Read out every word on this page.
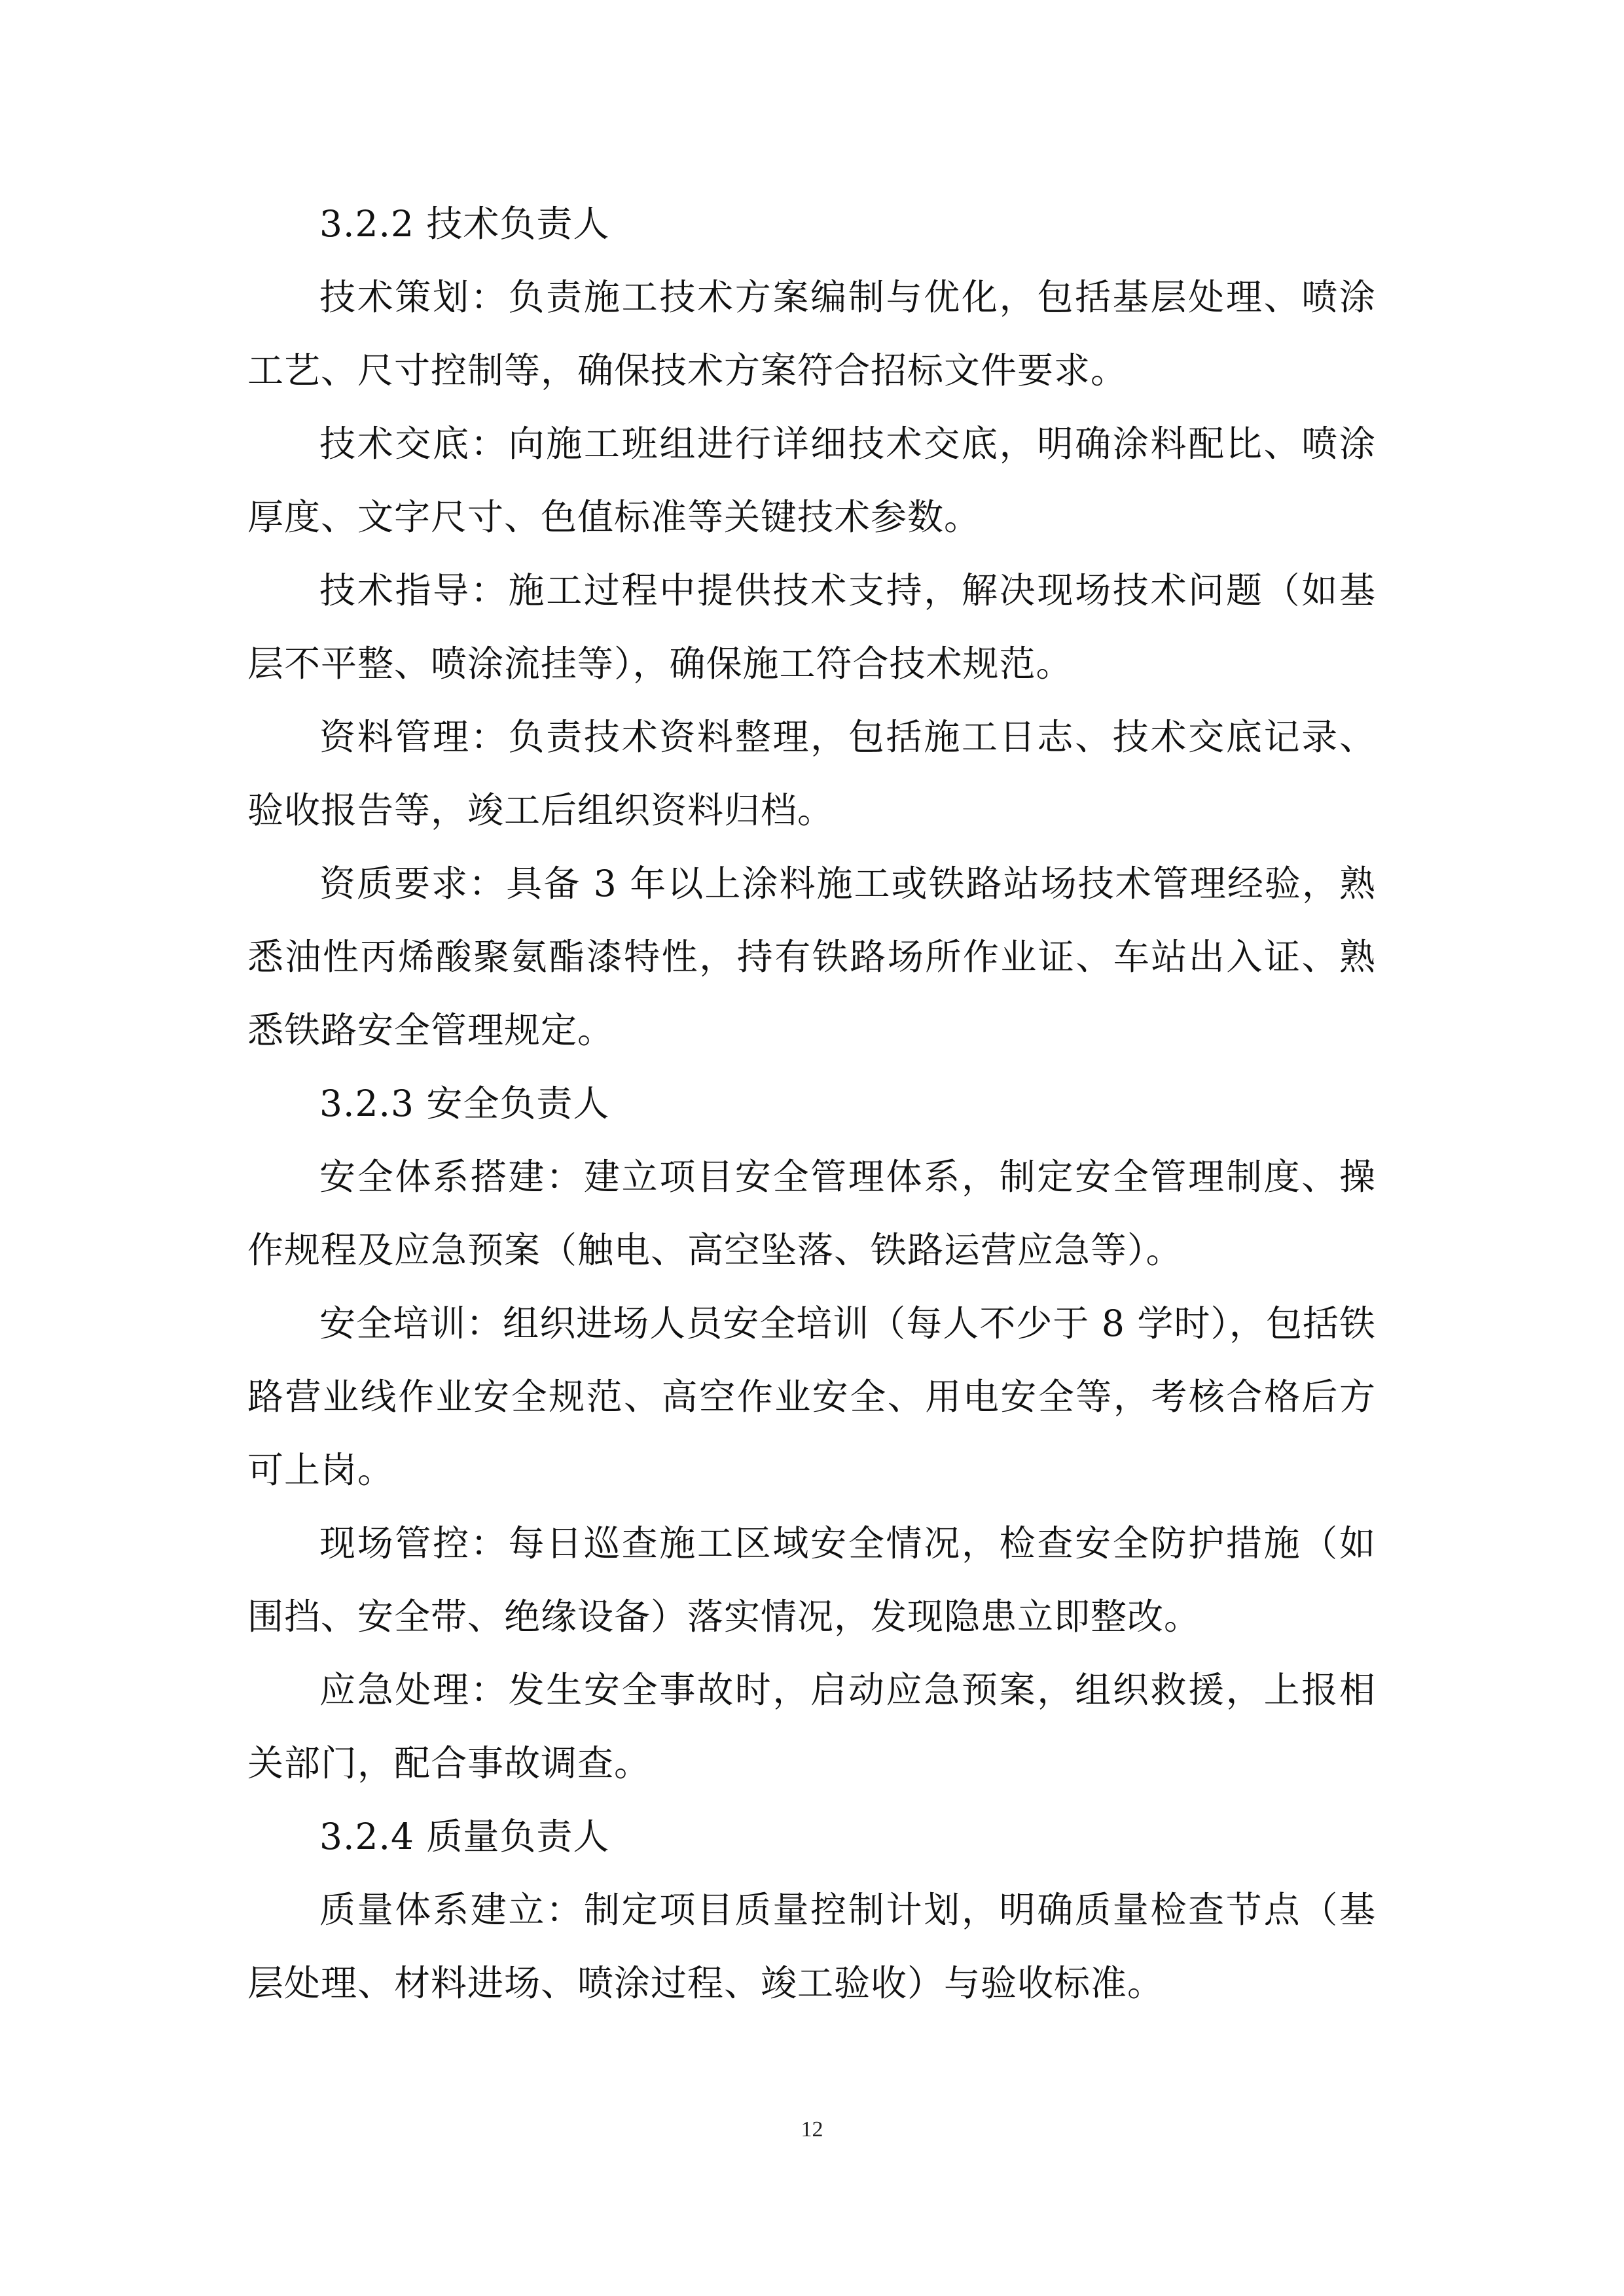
3.2.2 技术负责人

技术策划：负责施工技术方案编制与优化，包括基层处理、喷涂工艺、尺寸控制等，确保技术方案符合招标文件要求。

技术交底：向施工班组进行详细技术交底，明确涂料配比、喷涂厚度、文字尺寸、色值标准等关键技术参数。

技术指导：施工过程中提供技术支持，解决现场技术问题（如基层不平整、喷涂流挂等），确保施工符合技术规范。

资料管理：负责技术资料整理，包括施工日志、技术交底记录、验收报告等，竣工后组织资料归档。

资质要求：具备 3 年以上涂料施工或铁路站场技术管理经验，熟悉油性丙烯酸聚氨酯漆特性，持有铁路场所作业证、车站出入证、熟悉铁路安全管理规定。

3.2.3 安全负责人

安全体系搭建：建立项目安全管理体系，制定安全管理制度、操作规程及应急预案（触电、高空坠落、铁路运营应急等）。

安全培训：组织进场人员安全培训（每人不少于 8 学时），包括铁路营业线作业安全规范、高空作业安全、用电安全等，考核合格后方可上岗。

现场管控：每日巡查施工区域安全情况，检查安全防护措施（如围挡、安全带、绝缘设备）落实情况，发现隐患立即整改。

应急处理：发生安全事故时，启动应急预案，组织救援，上报相关部门，配合事故调查。

3.2.4 质量负责人

质量体系建立：制定项目质量控制计划，明确质量检查节点（基层处理、材料进场、喷涂过程、竣工验收）与验收标准。

12
